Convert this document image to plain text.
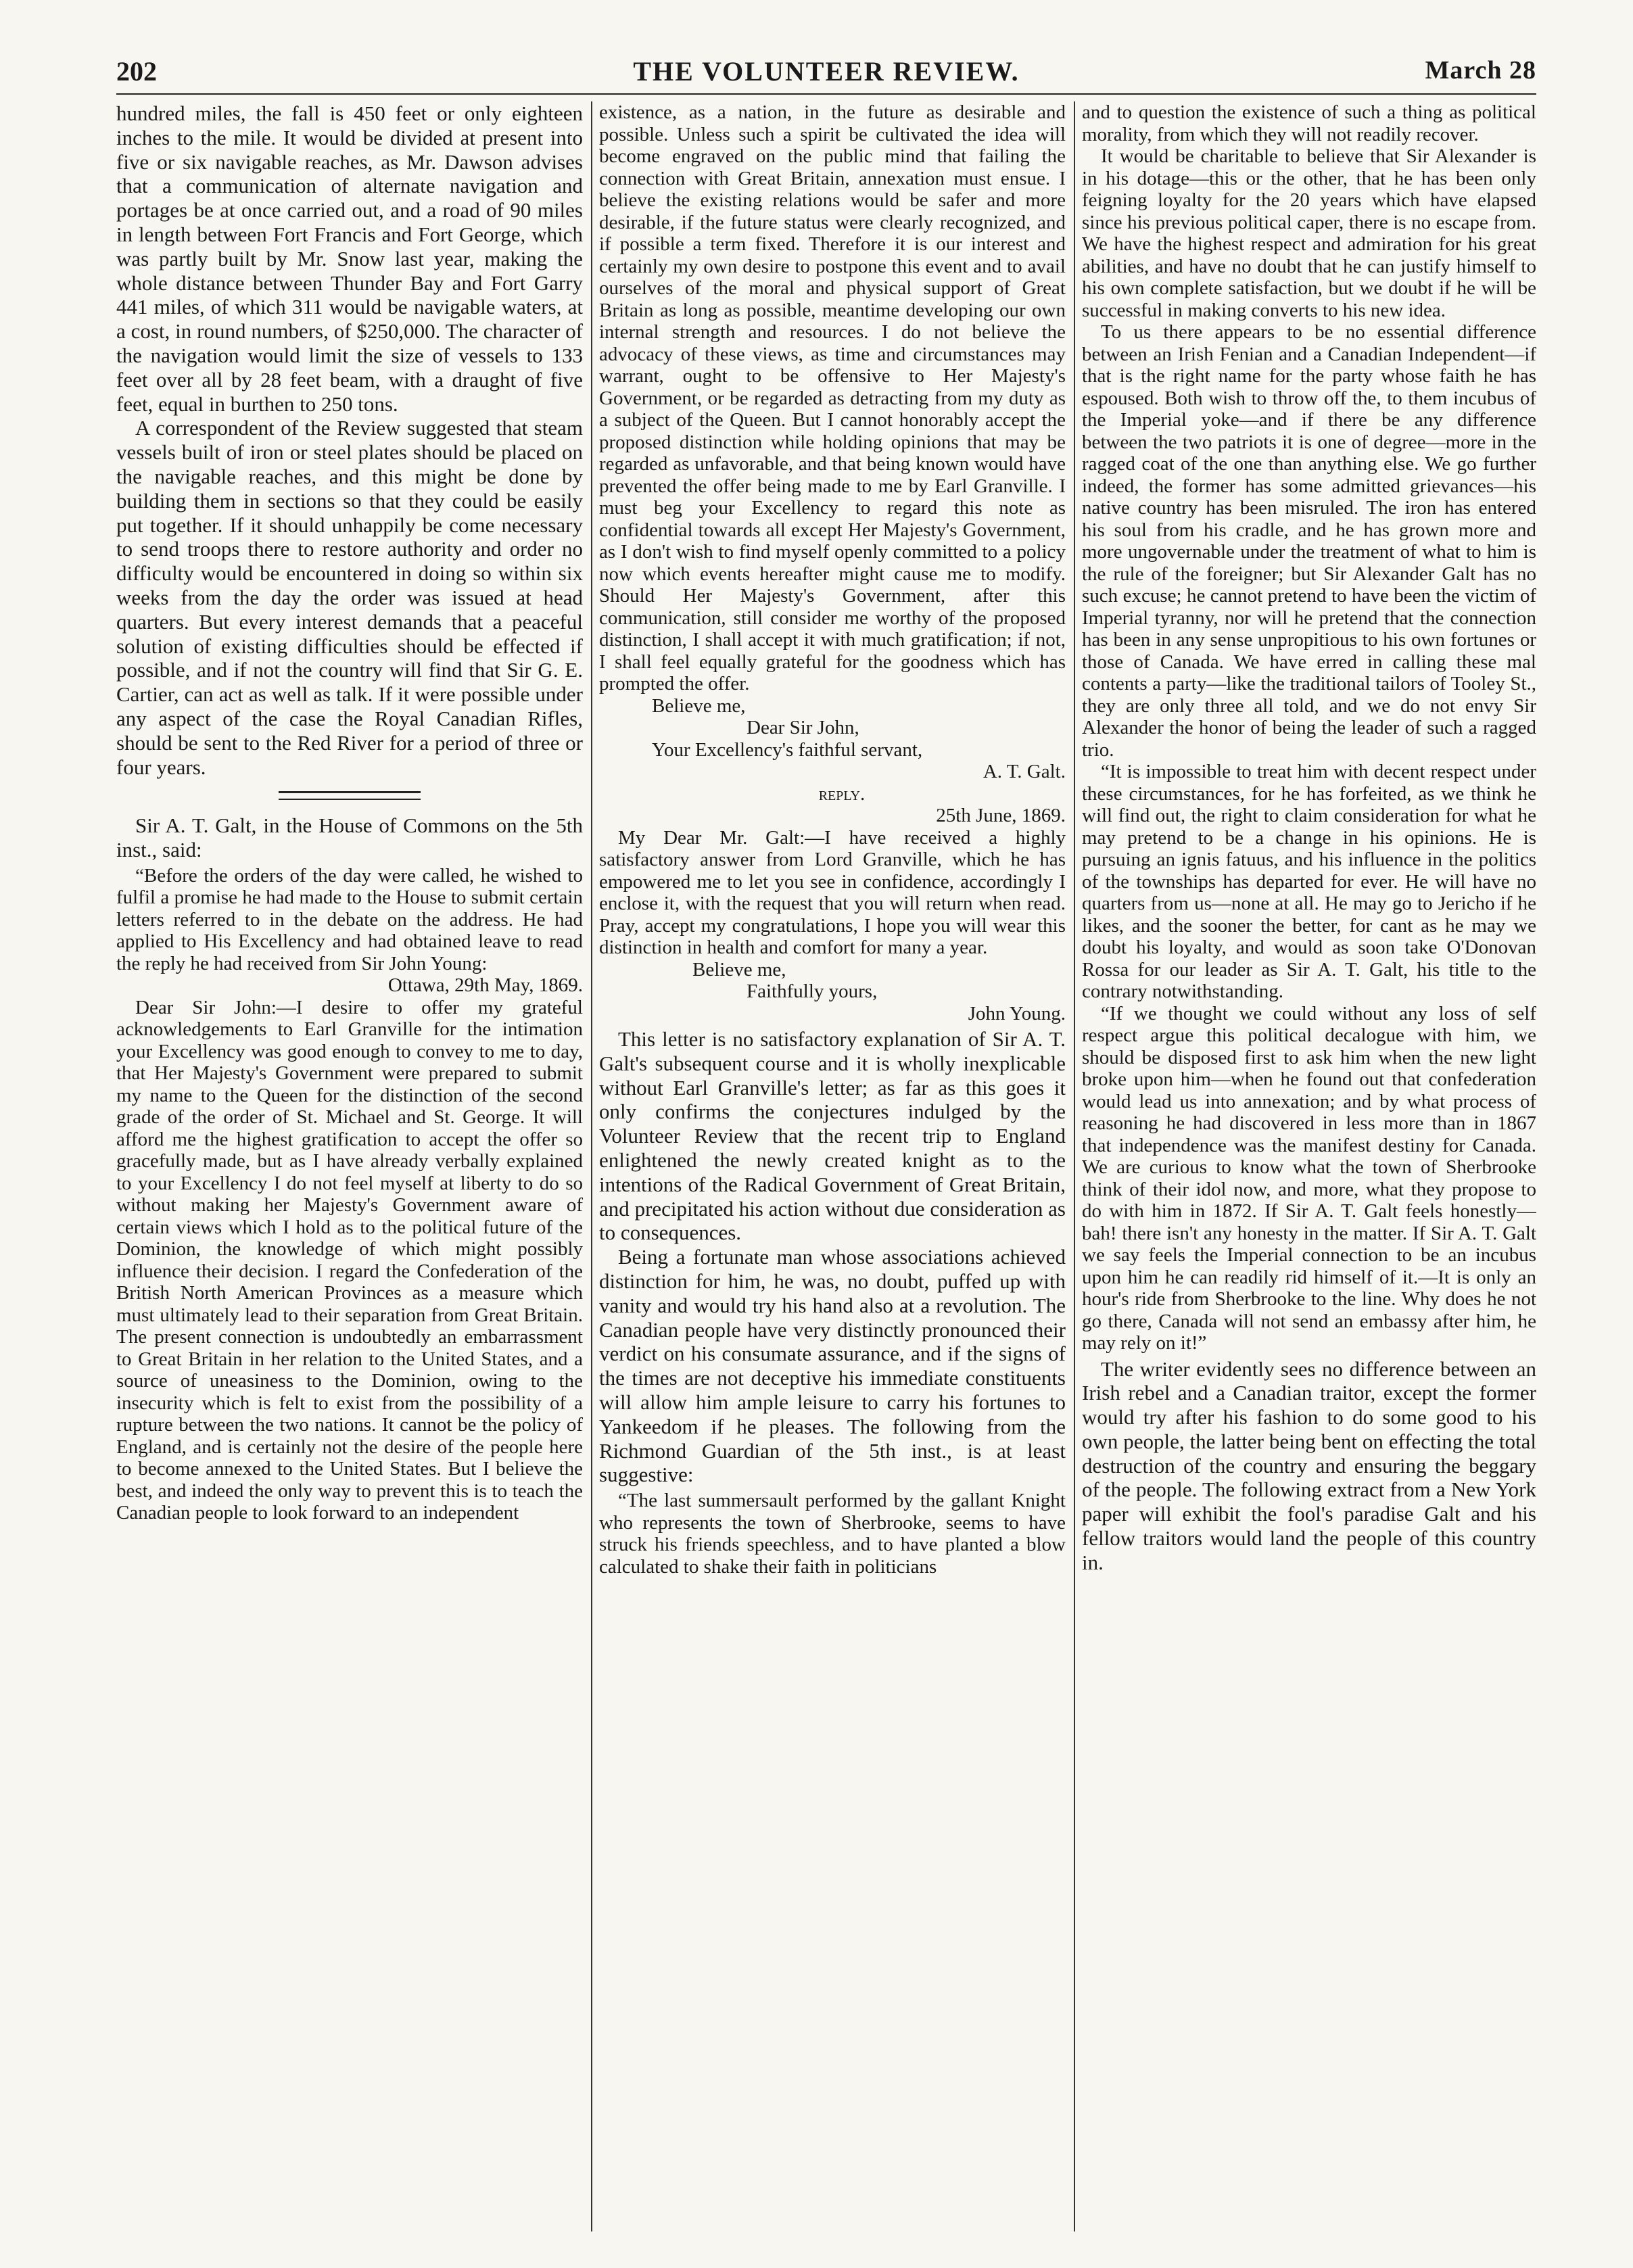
202	THE VOLUNTEER REVIEW.	March 28

hundred miles, the fall is 450 feet or only eighteen inches to the mile. It would be divided at present into five or six navigable reaches, as Mr. Dawson advises that a communication of alternate navigation and portages be at once carried out, and a road of 90 miles in length between Fort Francis and Fort George, which was partly built by Mr. Snow last year, making the whole distance between Thunder Bay and Fort Garry 441 miles, of which 311 would be navigable waters, at a cost, in round numbers, of $250,000. The character of the navigation would limit the size of vessels to 133 feet over all by 28 feet beam, with a draught of five feet, equal in burthen to 250 tons.

A correspondent of the Review suggested that steam vessels built of iron or steel plates should be placed on the navigable reaches, and this might be done by building them in sections so that they could be easily put together. If it should unhappily be come necessary to send troops there to restore authority and order no difficulty would be encountered in doing so within six weeks from the day the order was issued at head quarters. But every interest demands that a peaceful solution of existing difficulties should be effected if possible, and if not the country will find that Sir G. E. Cartier, can act as well as talk. If it were possible under any aspect of the case the Royal Canadian Rifles, should be sent to the Red River for a period of three or four years.

Sir A. T. Galt, in the House of Commons on the 5th inst., said:

“Before the orders of the day were called, he wished to fulfil a promise he had made to the House to submit certain letters referred to in the debate on the address. He had applied to His Excellency and had obtained leave to read the reply he had received from Sir John Young:

Ottawa, 29th May, 1869.

Dear Sir John:—I desire to offer my grateful acknowledgements to Earl Granville for the intimation your Excellency was good enough to convey to me to day, that Her Majesty's Government were prepared to submit my name to the Queen for the distinction of the second grade of the order of St. Michael and St. George. It will afford me the highest gratification to accept the offer so gracefully made, but as I have already verbally explained to your Excellency I do not feel myself at liberty to do so without making her Majesty's Government aware of certain views which I hold as to the political future of the Dominion, the knowledge of which might possibly influence their decision. I regard the Confederation of the British North American Provinces as a measure which must ultimately lead to their separation from Great Britain. The present connection is undoubtedly an embarrassment to Great Britain in her relation to the United States, and a source of uneasiness to the Dominion, owing to the insecurity which is felt to exist from the possibility of a rupture between the two nations. It cannot be the policy of England, and is certainly not the desire of the people here to become annexed to the United States. But I believe the best, and indeed the only way to prevent this is to teach the Canadian people to look forward to an independent

existence, as a nation, in the future as desirable and possible. Unless such a spirit be cultivated the idea will become engraved on the public mind that failing the connection with Great Britain, annexation must ensue. I believe the existing relations would be safer and more desirable, if the future status were clearly recognized, and if possible a term fixed. Therefore it is our interest and certainly my own desire to postpone this event and to avail ourselves of the moral and physical support of Great Britain as long as possible, meantime developing our own internal strength and resources. I do not believe the advocacy of these views, as time and circumstances may warrant, ought to be offensive to Her Majesty's Government, or be regarded as detracting from my duty as a subject of the Queen. But I cannot honorably accept the proposed distinction while holding opinions that may be regarded as unfavorable, and that being known would have prevented the offer being made to me by Earl Granville. I must beg your Excellency to regard this note as confidential towards all except Her Majesty's Government, as I don't wish to find myself openly committed to a policy now which events hereafter might cause me to modify. Should Her Majesty's Government, after this communication, still consider me worthy of the proposed distinction, I shall accept it with much gratification; if not, I shall feel equally grateful for the goodness which has prompted the offer.

Believe me,

Dear Sir John,

Your Excellency's faithful servant,

A. T. Galt.

reply.

25th June, 1869.

My Dear Mr. Galt:—I have received a highly satisfactory answer from Lord Granville, which he has empowered me to let you see in confidence, accordingly I enclose it, with the request that you will return when read. Pray, accept my congratulations, I hope you will wear this distinction in health and comfort for many a year.

Believe me,

Faithfully yours,

John Young.

This letter is no satisfactory explanation of Sir A. T. Galt's subsequent course and it is wholly inexplicable without Earl Granville's letter; as far as this goes it only confirms the conjectures indulged by the Volunteer Review that the recent trip to England enlightened the newly created knight as to the intentions of the Radical Government of Great Britain, and precipitated his action without due consideration as to consequences.

Being a fortunate man whose associations achieved distinction for him, he was, no doubt, puffed up with vanity and would try his hand also at a revolution. The Canadian people have very distinctly pronounced their verdict on his consumate assurance, and if the signs of the times are not deceptive his immediate constituents will allow him ample leisure to carry his fortunes to Yankeedom if he pleases. The following from the Richmond Guardian of the 5th inst., is at least suggestive:

“The last summersault performed by the gallant Knight who represents the town of Sherbrooke, seems to have struck his friends speechless, and to have planted a blow calculated to shake their faith in politicians

and to question the existence of such a thing as political morality, from which they will not readily recover.

It would be charitable to believe that Sir Alexander is in his dotage—this or the other, that he has been only feigning loyalty for the 20 years which have elapsed since his previous political caper, there is no escape from. We have the highest respect and admiration for his great abilities, and have no doubt that he can justify himself to his own complete satisfaction, but we doubt if he will be successful in making converts to his new idea.

To us there appears to be no essential difference between an Irish Fenian and a Canadian Independent—if that is the right name for the party whose faith he has espoused. Both wish to throw off the, to them incubus of the Imperial yoke—and if there be any difference between the two patriots it is one of degree—more in the ragged coat of the one than anything else. We go further indeed, the former has some admitted grievances—his native country has been misruled. The iron has entered his soul from his cradle, and he has grown more and more ungovernable under the treatment of what to him is the rule of the foreigner; but Sir Alexander Galt has no such excuse; he cannot pretend to have been the victim of Imperial tyranny, nor will he pretend that the connection has been in any sense unpropitious to his own fortunes or those of Canada. We have erred in calling these mal contents a party—like the traditional tailors of Tooley St., they are only three all told, and we do not envy Sir Alexander the honor of being the leader of such a ragged trio.

“It is impossible to treat him with decent respect under these circumstances, for he has forfeited, as we think he will find out, the right to claim consideration for what he may pretend to be a change in his opinions. He is pursuing an ignis fatuus, and his influence in the politics of the townships has departed for ever. He will have no quarters from us—none at all. He may go to Jericho if he likes, and the sooner the better, for cant as he may we doubt his loyalty, and would as soon take O'Donovan Rossa for our leader as Sir A. T. Galt, his title to the contrary notwithstanding.

“If we thought we could without any loss of self respect argue this political decalogue with him, we should be disposed first to ask him when the new light broke upon him—when he found out that confederation would lead us into annexation; and by what process of reasoning he had discovered in less more than in 1867 that independence was the manifest destiny for Canada. We are curious to know what the town of Sherbrooke think of their idol now, and more, what they propose to do with him in 1872. If Sir A. T. Galt feels honestly—bah! there isn't any honesty in the matter. If Sir A. T. Galt we say feels the Imperial connection to be an incubus upon him he can readily rid himself of it.—It is only an hour's ride from Sherbrooke to the line. Why does he not go there, Canada will not send an embassy after him, he may rely on it!”

The writer evidently sees no difference between an Irish rebel and a Canadian traitor, except the former would try after his fashion to do some good to his own people, the latter being bent on effecting the total destruction of the country and ensuring the beggary of the people. The following extract from a New York paper will exhibit the fool's paradise Galt and his fellow traitors would land the people of this country in.
